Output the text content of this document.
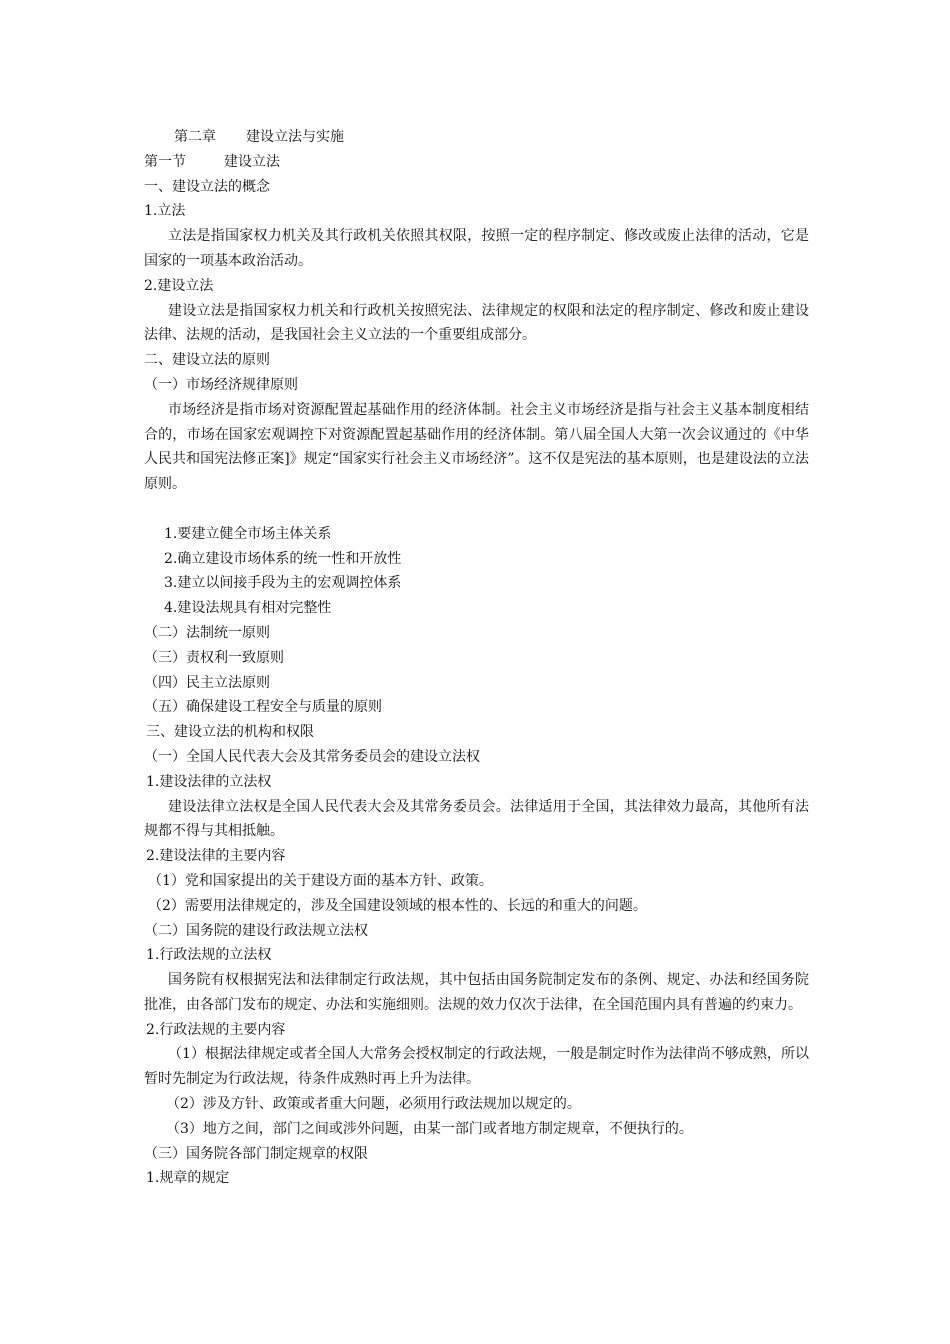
第二章 建设立法与实施

第一节	建设立法

一、建设立法的概念

1.立法

立法是指国家权力机关及其行政机关依照其权限，按照一定的程序制定、修改或废止法律的活动，它是国家的一项基本政治活动。

2.建设立法

建设立法是指国家权力机关和行政机关按照宪法、法律规定的权限和法定的程序制定、修改和废止建设法律、法规的活动，是我国社会主义立法的一个重要组成部分。

二、建设立法的原则

（一）市场经济规律原则

市场经济是指市场对资源配置起基础作用的经济体制。社会主义市场经济是指与社会主义基本制度相结合的，市场在国家宏观调控下对资源配置起基础作用的经济体制。第八届全国人大第一次会议通过的《中华人民共和国宪法修正案]》规定“国家实行社会主义市场经济”。这不仅是宪法的基本原则，也是建设法的立法原则。

1.要建立健全市场主体关系

2.确立建设市场体系的统一性和开放性

3.建立以间接手段为主的宏观调控体系

4.建设法规具有相对完整性

（二）法制统一原则

（三）责权利一致原则

（四）民主立法原则

（五）确保建设工程安全与质量的原则

三、建设立法的机构和权限

（一）全国人民代表大会及其常务委员会的建设立法权

1.建设法律的立法权

建设法律立法权是全国人民代表大会及其常务委员会。法律适用于全国，其法律效力最高，其他所有法规都不得与其相抵触。

2.建设法律的主要内容

（1）党和国家提出的关于建设方面的基本方针、政策。

（2）需要用法律规定的，涉及全国建设领域的根本性的、长远的和重大的问题。

（二）国务院的建设行政法规立法权

1.行政法规的立法权

国务院有权根据宪法和法律制定行政法规，其中包括由国务院制定发布的条例、规定、办法和经国务院批准，由各部门发布的规定、办法和实施细则。法规的效力仅次于法律，在全国范围内具有普遍的约束力。

2.行政法规的主要内容

（1）根据法律规定或者全国人大常务会授权制定的行政法规，一般是制定时作为法律尚不够成熟，所以暂时先制定为行政法规，待条件成熟时再上升为法律。

（2）涉及方针、政策或者重大问题，必须用行政法规加以规定的。

（3）地方之间，部门之间或涉外问题，由某一部门或者地方制定规章，不便执行的。

（三）国务院各部门制定规章的权限

1.规章的规定
